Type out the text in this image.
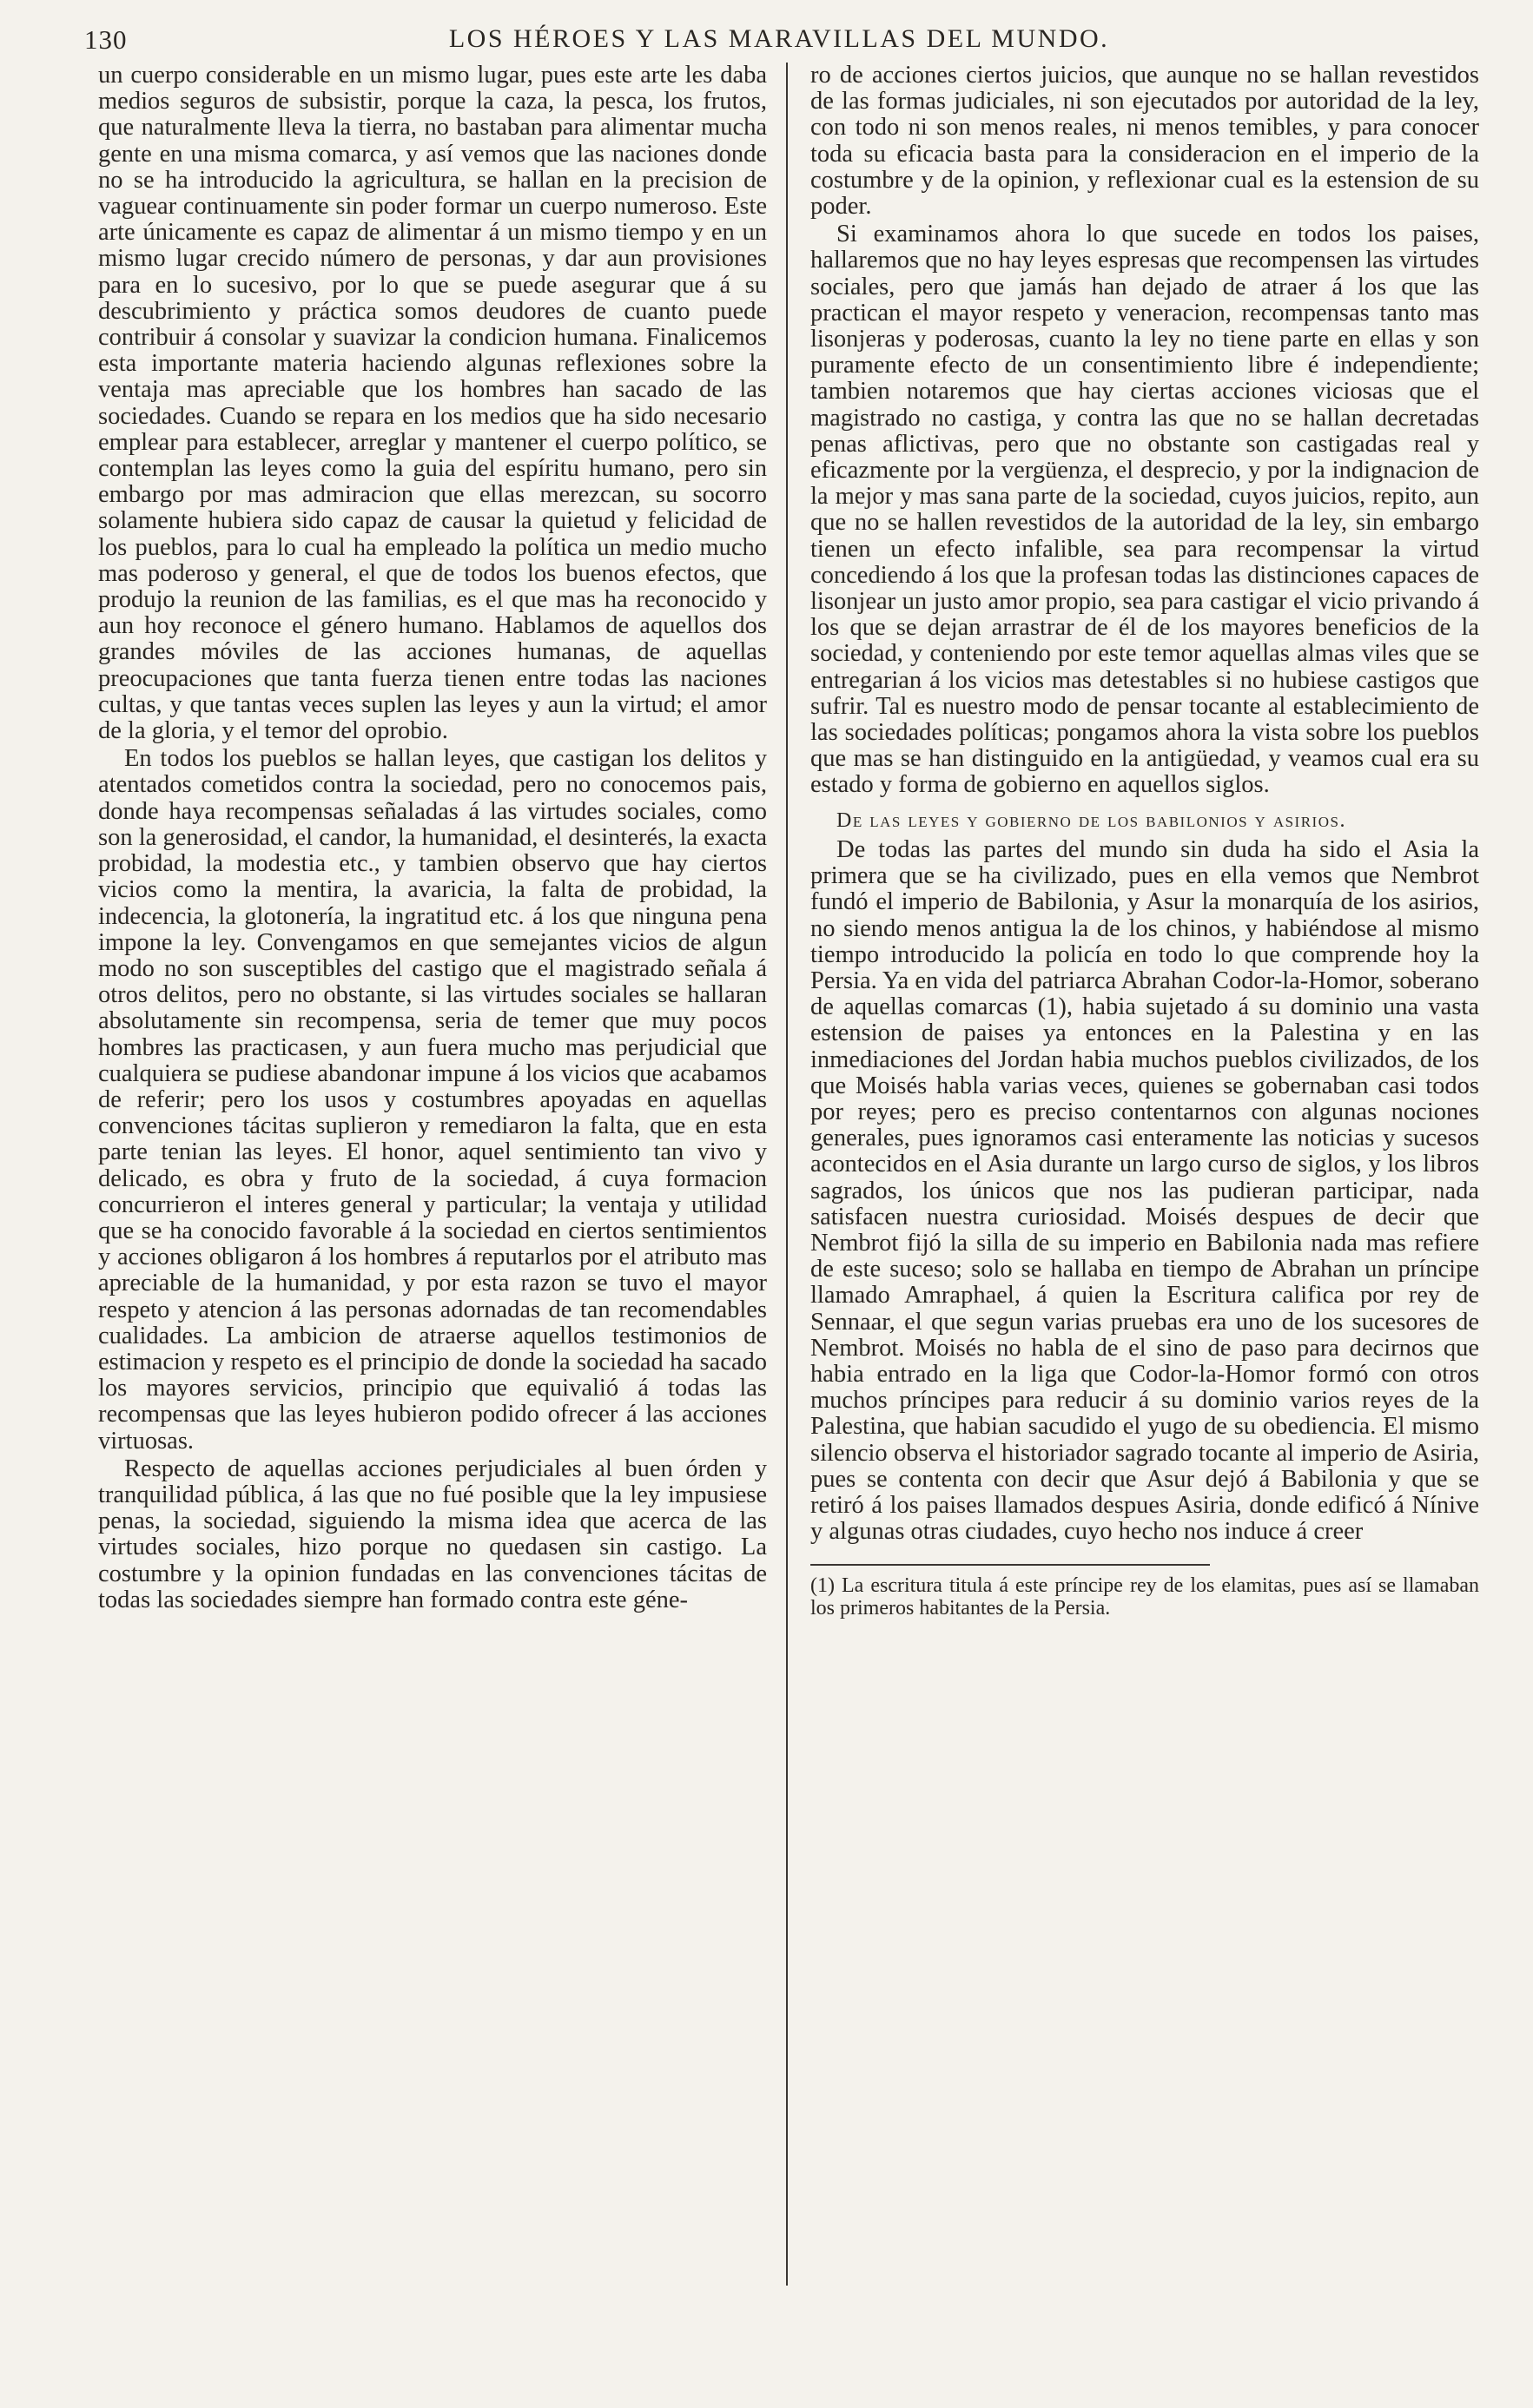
130	LOS HÉROES Y LAS MARAVILLAS DEL MUNDO.

un cuerpo considerable en un mismo lugar, pues este arte les daba medios seguros de subsistir, porque la caza, la pesca, los frutos, que naturalmente lleva la tierra, no bastaban para alimentar mucha gente en una misma comarca, y así vemos que las naciones donde no se ha introducido la agricultura, se hallan en la precision de vaguear continuamente sin poder formar un cuerpo numeroso. Este arte únicamente es capaz de alimentar á un mismo tiempo y en un mismo lugar crecido número de personas, y dar aun provisiones para en lo sucesivo, por lo que se puede asegurar que á su descubrimiento y práctica somos deudores de cuanto puede contribuir á consolar y suavizar la condicion humana. Finalicemos esta importante materia haciendo algunas reflexiones sobre la ventaja mas apreciable que los hombres han sacado de las sociedades. Cuando se repara en los medios que ha sido necesario emplear para establecer, arreglar y mantener el cuerpo político, se contemplan las leyes como la guia del espíritu humano, pero sin embargo por mas admiracion que ellas merezcan, su socorro solamente hubiera sido capaz de causar la quietud y felicidad de los pueblos, para lo cual ha empleado la política un medio mucho mas poderoso y general, el que de todos los buenos efectos, que produjo la reunion de las familias, es el que mas ha reconocido y aun hoy reconoce el género humano. Hablamos de aquellos dos grandes móviles de las acciones humanas, de aquellas preocupaciones que tanta fuerza tienen entre todas las naciones cultas, y que tantas veces suplen las leyes y aun la virtud; el amor de la gloria, y el temor del oprobio.

En todos los pueblos se hallan leyes, que castigan los delitos y atentados cometidos contra la sociedad, pero no conocemos pais, donde haya recompensas señaladas á las virtudes sociales, como son la generosidad, el candor, la humanidad, el desinterés, la exacta probidad, la modestia etc., y tambien observo que hay ciertos vicios como la mentira, la avaricia, la falta de probidad, la indecencia, la glotonería, la ingratitud etc. á los que ninguna pena impone la ley. Convengamos en que semejantes vicios de algun modo no son susceptibles del castigo que el magistrado señala á otros delitos, pero no obstante, si las virtudes sociales se hallaran absolutamente sin recompensa, seria de temer que muy pocos hombres las practicasen, y aun fuera mucho mas perjudicial que cualquiera se pudiese abandonar impune á los vicios que acabamos de referir; pero los usos y costumbres apoyadas en aquellas convenciones tácitas suplieron y remediaron la falta, que en esta parte tenian las leyes. El honor, aquel sentimiento tan vivo y delicado, es obra y fruto de la sociedad, á cuya formacion concurrieron el interes general y particular; la ventaja y utilidad que se ha conocido favorable á la sociedad en ciertos sentimientos y acciones obligaron á los hombres á reputarlos por el atributo mas apreciable de la humanidad, y por esta razon se tuvo el mayor respeto y atencion á las personas adornadas de tan recomendables cualidades. La ambicion de atraerse aquellos testimonios de estimacion y respeto es el principio de donde la sociedad ha sacado los mayores servicios, principio que equivalió á todas las recompensas que las leyes hubieron podido ofrecer á las acciones virtuosas.

Respecto de aquellas acciones perjudiciales al buen órden y tranquilidad pública, á las que no fué posible que la ley impusiese penas, la sociedad, siguiendo la misma idea que acerca de las virtudes sociales, hizo porque no quedasen sin castigo. La costumbre y la opinion fundadas en las convenciones tácitas de todas las sociedades siempre han formado contra este géne-

ro de acciones ciertos juicios, que aunque no se hallan revestidos de las formas judiciales, ni son ejecutados por autoridad de la ley, con todo ni son menos reales, ni menos temibles, y para conocer toda su eficacia basta para la consideracion en el imperio de la costumbre y de la opinion, y reflexionar cual es la estension de su poder.

Si examinamos ahora lo que sucede en todos los paises, hallaremos que no hay leyes espresas que recompensen las virtudes sociales, pero que jamás han dejado de atraer á los que las practican el mayor respeto y veneracion, recompensas tanto mas lisonjeras y poderosas, cuanto la ley no tiene parte en ellas y son puramente efecto de un consentimiento libre é independiente; tambien notaremos que hay ciertas acciones viciosas que el magistrado no castiga, y contra las que no se hallan decretadas penas aflictivas, pero que no obstante son castigadas real y eficazmente por la vergüenza, el desprecio, y por la indignacion de la mejor y mas sana parte de la sociedad, cuyos juicios, repito, aun que no se hallen revestidos de la autoridad de la ley, sin embargo tienen un efecto infalible, sea para recompensar la virtud concediendo á los que la profesan todas las distinciones capaces de lisonjear un justo amor propio, sea para castigar el vicio privando á los que se dejan arrastrar de él de los mayores beneficios de la sociedad, y conteniendo por este temor aquellas almas viles que se entregarian á los vicios mas detestables si no hubiese castigos que sufrir. Tal es nuestro modo de pensar tocante al establecimiento de las sociedades políticas; pongamos ahora la vista sobre los pueblos que mas se han distinguido en la antigüedad, y veamos cual era su estado y forma de gobierno en aquellos siglos.

De las leyes y gobierno de los babilonios y asirios.

De todas las partes del mundo sin duda ha sido el Asia la primera que se ha civilizado, pues en ella vemos que Nembrot fundó el imperio de Babilonia, y Asur la monarquía de los asirios, no siendo menos antigua la de los chinos, y habiéndose al mismo tiempo introducido la policía en todo lo que comprende hoy la Persia. Ya en vida del patriarca Abrahan Codor-la-Homor, soberano de aquellas comarcas (1), habia sujetado á su dominio una vasta estension de paises ya entonces en la Palestina y en las inmediaciones del Jordan habia muchos pueblos civilizados, de los que Moisés habla varias veces, quienes se gobernaban casi todos por reyes; pero es preciso contentarnos con algunas nociones generales, pues ignoramos casi enteramente las noticias y sucesos acontecidos en el Asia durante un largo curso de siglos, y los libros sagrados, los únicos que nos las pudieran participar, nada satisfacen nuestra curiosidad. Moisés despues de decir que Nembrot fijó la silla de su imperio en Babilonia nada mas refiere de este suceso; solo se hallaba en tiempo de Abrahan un príncipe llamado Amraphael, á quien la Escritura califica por rey de Sennaar, el que segun varias pruebas era uno de los sucesores de Nembrot. Moisés no habla de el sino de paso para decirnos que habia entrado en la liga que Codor-la-Homor formó con otros muchos príncipes para reducir á su dominio varios reyes de la Palestina, que habian sacudido el yugo de su obediencia. El mismo silencio observa el historiador sagrado tocante al imperio de Asiria, pues se contenta con decir que Asur dejó á Babilonia y que se retiró á los paises llamados despues Asiria, donde edificó á Nínive y algunas otras ciudades, cuyo hecho nos induce á creer

(1) La escritura titula á este príncipe rey de los elamitas, pues así se llamaban los primeros habitantes de la Persia.
